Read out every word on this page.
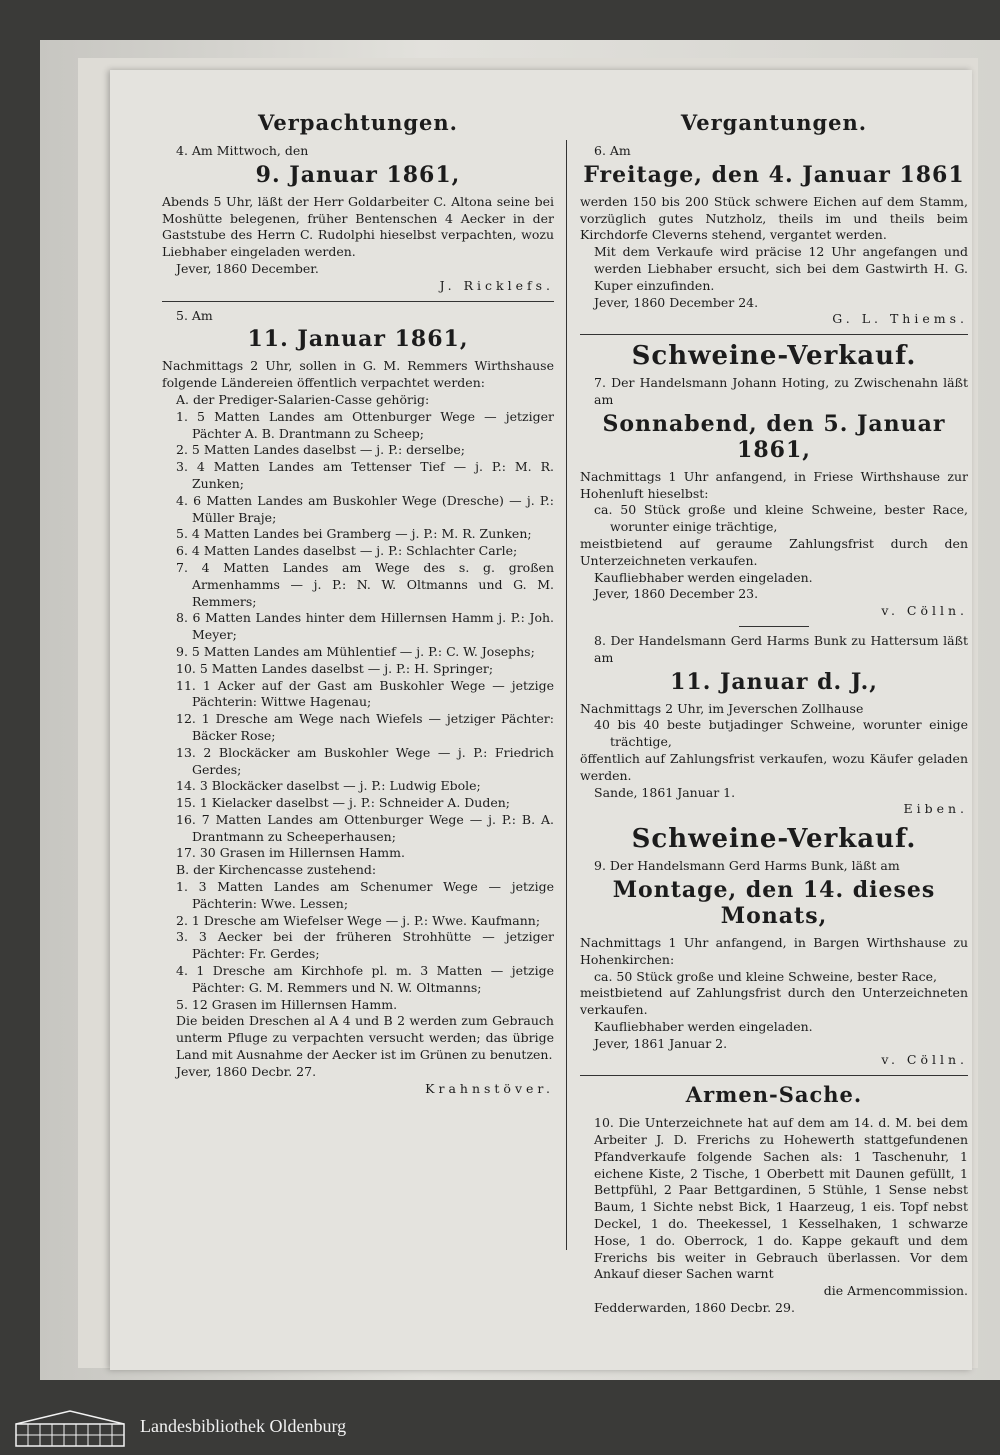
Verpachtungen.

4. Am Mittwoch, den

9. Januar 1861,

Abends 5 Uhr, läßt der Herr Goldarbeiter C. Altona seine bei Moshütte belegenen, früher Bentenschen 4 Aecker in der Gaststube des Herrn C. Rudolphi hieselbst verpachten, wozu Liebhaber eingeladen werden.

Jever, 1860 December.

J. Ricklefs.

5. Am

11. Januar 1861,

Nachmittags 2 Uhr, sollen in G. M. Remmers Wirthshause folgende Ländereien öffentlich verpachtet werden:

A. der Prediger-Salarien-Casse gehörig:

1. 5 Matten Landes am Ottenburger Wege — jetziger Pächter A. B. Drantmann zu Scheep;

2. 5 Matten Landes daselbst — j. P.: derselbe;

3. 4 Matten Landes am Tettenser Tief — j. P.: M. R. Zunken;

4. 6 Matten Landes am Buskohler Wege (Dresche) — j. P.: Müller Braje;

5. 4 Matten Landes bei Gramberg — j. P.: M. R. Zunken;

6. 4 Matten Landes daselbst — j. P.: Schlachter Carle;

7. 4 Matten Landes am Wege des s. g. großen Armenhamms — j. P.: N. W. Oltmanns und G. M. Remmers;

8. 6 Matten Landes hinter dem Hillernsen Hamm j. P.: Joh. Meyer;

9. 5 Matten Landes am Mühlentief — j. P.: C. W. Josephs;

10. 5 Matten Landes daselbst — j. P.: H. Springer;

11. 1 Acker auf der Gast am Buskohler Wege — jetzige Pächterin: Wittwe Hagenau;

12. 1 Dresche am Wege nach Wiefels — jetziger Pächter: Bäcker Rose;

13. 2 Blockäcker am Buskohler Wege — j. P.: Friedrich Gerdes;

14. 3 Blockäcker daselbst — j. P.: Ludwig Ebole;

15. 1 Kielacker daselbst — j. P.: Schneider A. Duden;

16. 7 Matten Landes am Ottenburger Wege — j. P.: B. A. Drantmann zu Scheeperhausen;

17. 30 Grasen im Hillernsen Hamm.

B. der Kirchencasse zustehend:

1. 3 Matten Landes am Schenumer Wege — jetzige Pächterin: Wwe. Lessen;

2. 1 Dresche am Wiefelser Wege — j. P.: Wwe. Kaufmann;

3. 3 Aecker bei der früheren Strohhütte — jetziger Pächter: Fr. Gerdes;

4. 1 Dresche am Kirchhofe pl. m. 3 Matten — jetzige Pächter: G. M. Remmers und N. W. Oltmanns;

5. 12 Grasen im Hillernsen Hamm.

Die beiden Dreschen al A 4 und B 2 werden zum Gebrauch unterm Pfluge zu verpachten versucht werden; das übrige Land mit Ausnahme der Aecker ist im Grünen zu benutzen.

Jever, 1860 Decbr. 27.

Krahnstöver.

Vergantungen.

6. Am

Freitage, den 4. Januar 1861

werden 150 bis 200 Stück schwere Eichen auf dem Stamm, vorzüglich gutes Nutzholz, theils im und theils beim Kirchdorfe Cleverns stehend, vergantet werden.

Mit dem Verkaufe wird präcise 12 Uhr angefangen und werden Liebhaber ersucht, sich bei dem Gastwirth H. G. Kuper einzufinden.

Jever, 1860 December 24.

G. L. Thiems.

Schweine-Verkauf.

7. Der Handelsmann Johann Hoting, zu Zwischenahn läßt am

Sonnabend, den 5. Januar 1861,

Nachmittags 1 Uhr anfangend, in Friese Wirthshause zur Hohenluft hieselbst:

ca. 50 Stück große und kleine Schweine, bester Race, worunter einige trächtige,

meistbietend auf geraume Zahlungsfrist durch den Unterzeichneten verkaufen.

Kaufliebhaber werden eingeladen.

Jever, 1860 December 23.

v. Cölln.

8. Der Handelsmann Gerd Harms Bunk zu Hattersum läßt am

11. Januar d. J.,

Nachmittags 2 Uhr, im Jeverschen Zollhause

40 bis 40 beste butjadinger Schweine, worunter einige trächtige,

öffentlich auf Zahlungsfrist verkaufen, wozu Käufer geladen werden.

Sande, 1861 Januar 1.

Eiben.

Schweine-Verkauf.

9. Der Handelsmann Gerd Harms Bunk, läßt am

Montage, den 14. dieses Monats,

Nachmittags 1 Uhr anfangend, in Bargen Wirthshause zu Hohenkirchen:

ca. 50 Stück große und kleine Schweine, bester Race,

meistbietend auf Zahlungsfrist durch den Unterzeichneten verkaufen.

Kaufliebhaber werden eingeladen.

Jever, 1861 Januar 2.

v. Cölln.

Armen-Sache.

10. Die Unterzeichnete hat auf dem am 14. d. M. bei dem Arbeiter J. D. Frerichs zu Hohewerth stattgefundenen Pfandverkaufe folgende Sachen als: 1 Taschenuhr, 1 eichene Kiste, 2 Tische, 1 Oberbett mit Daunen gefüllt, 1 Bettpfühl, 2 Paar Bettgardinen, 5 Stühle, 1 Sense nebst Baum, 1 Sichte nebst Bick, 1 Haarzeug, 1 eis. Topf nebst Deckel, 1 do. Theekessel, 1 Kesselhaken, 1 schwarze Hose, 1 do. Oberrock, 1 do. Kappe gekauft und dem Frerichs bis weiter in Gebrauch überlassen. Vor dem Ankauf dieser Sachen warnt

die Armencommission.

Fedderwarden, 1860 Decbr. 29.

Landesbibliothek Oldenburg
